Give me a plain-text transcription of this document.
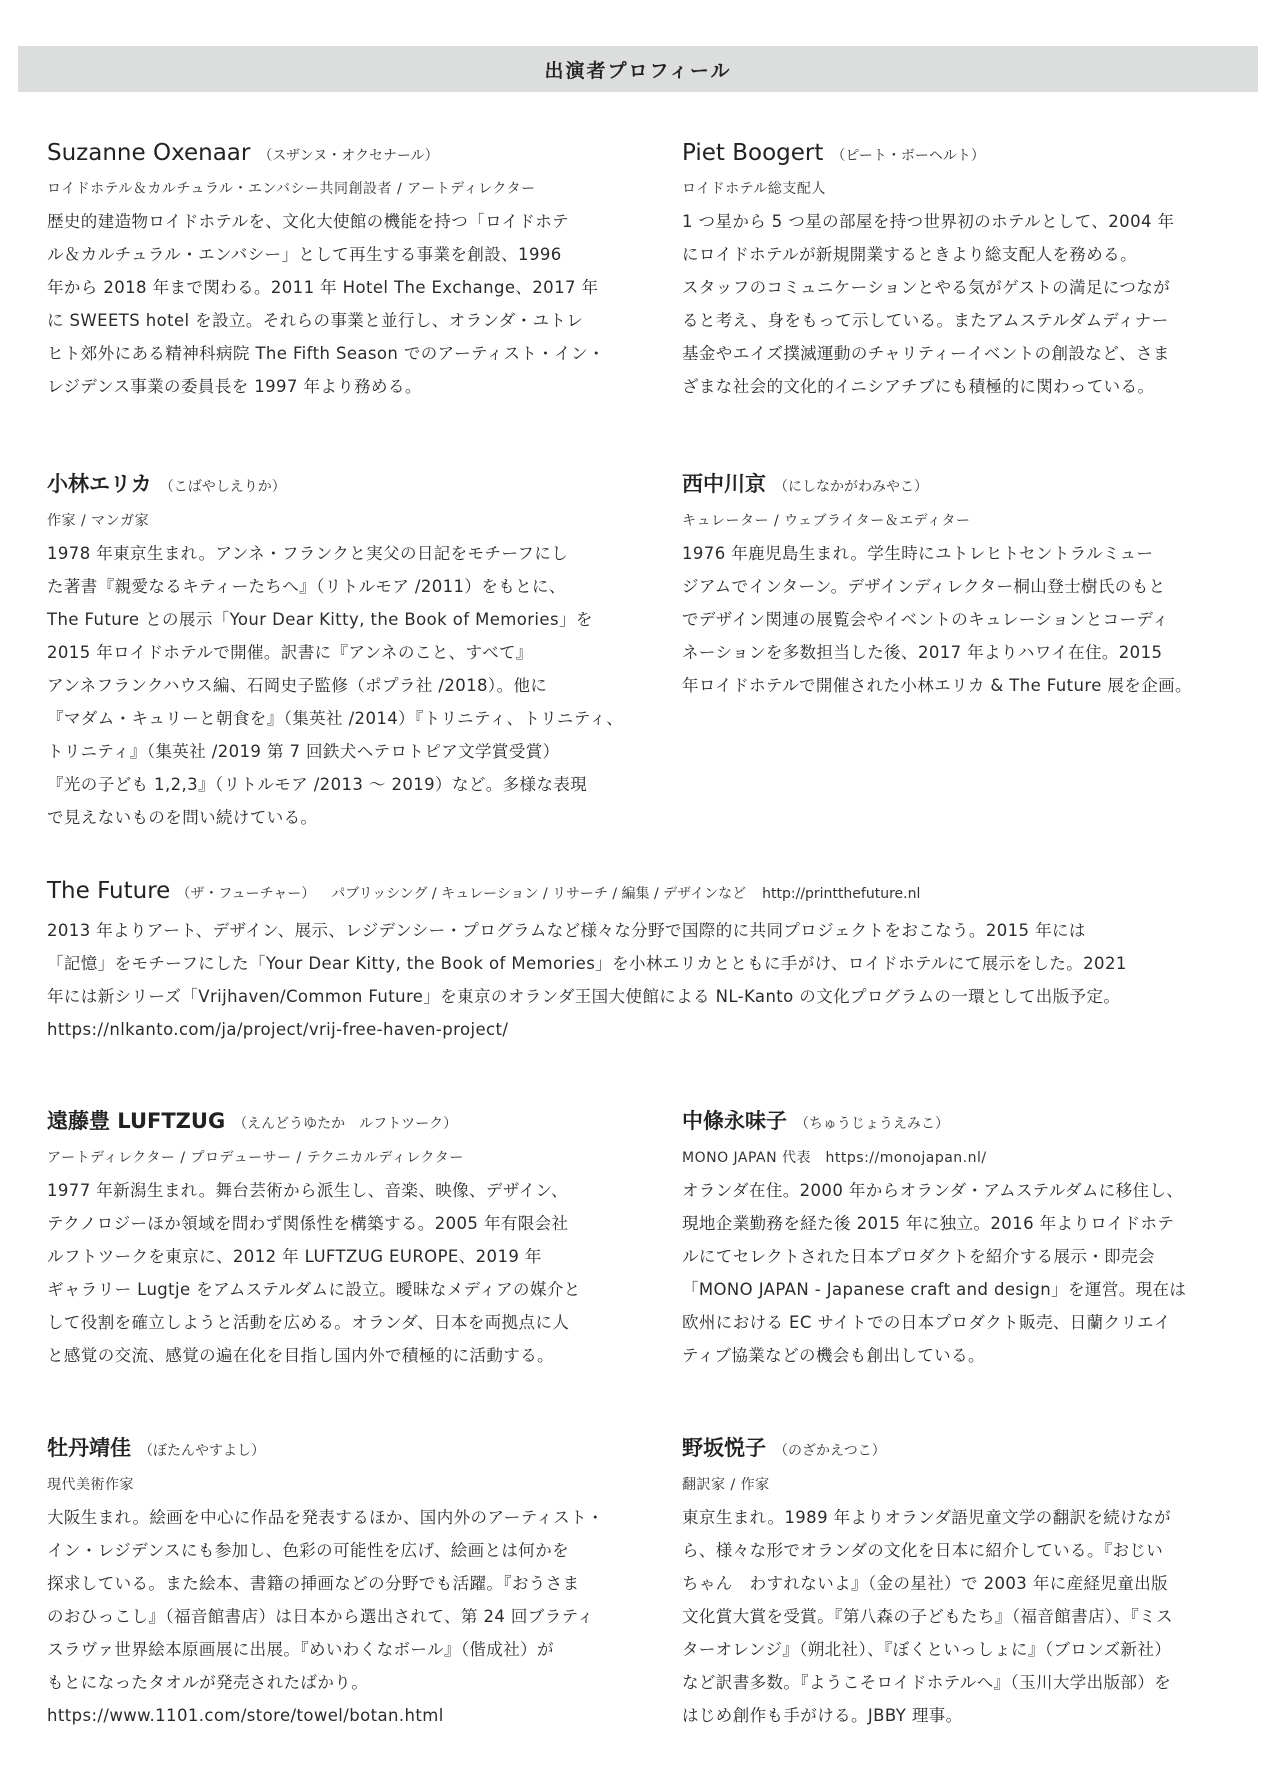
出演者プロフィール
Suzanne Oxenaar （スザンヌ・オクセナール）
ロイドホテル＆カルチュラル・エンバシー共同創設者 / アートディレクター
歴史的建造物ロイドホテルを、文化大使館の機能を持つ「ロイドホテ
ル＆カルチュラル・エンバシー」として再生する事業を創設、1996
年から 2018 年まで関わる。2011 年 Hotel The Exchange、2017 年
に SWEETS hotel を設立。それらの事業と並行し、オランダ・ユトレ
ヒト郊外にある精神科病院 The Fifth Season でのアーティスト・イン・
レジデンス事業の委員長を 1997 年より務める。
Piet Boogert （ピート・ボーヘルト）
ロイドホテル総支配人
1 つ星から 5 つ星の部屋を持つ世界初のホテルとして、2004 年
にロイドホテルが新規開業するときより総支配人を務める。
スタッフのコミュニケーションとやる気がゲストの満足につなが
ると考え、身をもって示している。またアムステルダムディナー
基金やエイズ撲滅運動のチャリティーイベントの創設など、さま
ざまな社会的文化的イニシアチブにも積極的に関わっている。
小林エリカ （こばやしえりか）
作家 / マンガ家
1978 年東京生まれ。アンネ・フランクと実父の日記をモチーフにし
た著書『親愛なるキティーたちへ』（リトルモア /2011）をもとに、
The Future との展示「Your Dear Kitty, the Book of Memories」を
2015 年ロイドホテルで開催。訳書に『アンネのこと、すべて』
アンネフランクハウス編、石岡史子監修（ポプラ社 /2018）。他に
『マダム・キュリーと朝食を』（集英社 /2014）『トリニティ、トリニティ、
トリニティ』（集英社 /2019 第 7 回鉄犬ヘテロトピア文学賞受賞）
『光の子ども 1,2,3』（リトルモア /2013 〜 2019）など。多様な表現
で見えないものを問い続けている。
西中川京 （にしなかがわみやこ）
キュレーター / ウェブライター＆エディター
1976 年鹿児島生まれ。学生時にユトレヒトセントラルミュー
ジアムでインターン。デザインディレクター桐山登士樹氏のもと
でデザイン関連の展覧会やイベントのキュレーションとコーディ
ネーションを多数担当した後、2017 年よりハワイ在住。2015
年ロイドホテルで開催された小林エリカ & The Future 展を企画。
The Future （ザ・フューチャー） パブリッシング / キュレーション / リサーチ / 編集 / デザインなど http://printthefuture.nl
2013 年よりアート、デザイン、展示、レジデンシー・プログラムなど様々な分野で国際的に共同プロジェクトをおこなう。2015 年には
「記憶」をモチーフにした「Your Dear Kitty, the Book of Memories」を小林エリカとともに手がけ、ロイドホテルにて展示をした。2021
年には新シリーズ「Vrijhaven/Common Future」を東京のオランダ王国大使館による NL-Kanto の文化プログラムの一環として出版予定。
https://nlkanto.com/ja/project/vrij-free-haven-project/
遠藤豊 LUFTZUG （えんどうゆたか　ルフトツーク）
アートディレクター / プロデューサー / テクニカルディレクター
1977 年新潟生まれ。舞台芸術から派生し、音楽、映像、デザイン、
テクノロジーほか領域を問わず関係性を構築する。2005 年有限会社
ルフトツークを東京に、2012 年 LUFTZUG EUROPE、2019 年
ギャラリー Lugtje をアムステルダムに設立。曖昧なメディアの媒介と
して役割を確立しようと活動を広める。オランダ、日本を両拠点に人
と感覚の交流、感覚の遍在化を目指し国内外で積極的に活動する。
中條永味子 （ちゅうじょうえみこ）
MONO JAPAN 代表　https://monojapan.nl/
オランダ在住。2000 年からオランダ・アムステルダムに移住し、
現地企業勤務を経た後 2015 年に独立。2016 年よりロイドホテ
ルにてセレクトされた日本プロダクトを紹介する展示・即売会
「MONO JAPAN - Japanese craft and design」を運営。現在は
欧州における EC サイトでの日本プロダクト販売、日蘭クリエイ
ティブ協業などの機会も創出している。
牡丹靖佳 （ぼたんやすよし）
現代美術作家
大阪生まれ。絵画を中心に作品を発表するほか、国内外のアーティスト・
イン・レジデンスにも参加し、色彩の可能性を広げ、絵画とは何かを
探求している。また絵本、書籍の挿画などの分野でも活躍。『おうさま
のおひっこし』（福音館書店）は日本から選出されて、第 24 回ブラティ
スラヴァ世界絵本原画展に出展。『めいわくなボール』（偕成社）が
もとになったタオルが発売されたばかり。
https://www.1101.com/store/towel/botan.html
野坂悦子 （のざかえつこ）
翻訳家 / 作家
東京生まれ。1989 年よりオランダ語児童文学の翻訳を続けなが
ら、様々な形でオランダの文化を日本に紹介している。『おじい
ちゃん　わすれないよ』（金の星社）で 2003 年に産経児童出版
文化賞大賞を受賞。『第八森の子どもたち』（福音館書店）、『ミス
ターオレンジ』（朔北社）、『ぼくといっしょに』（ブロンズ新社）
など訳書多数。『ようこそロイドホテルへ』（玉川大学出版部）を
はじめ創作も手がける。JBBY 理事。
